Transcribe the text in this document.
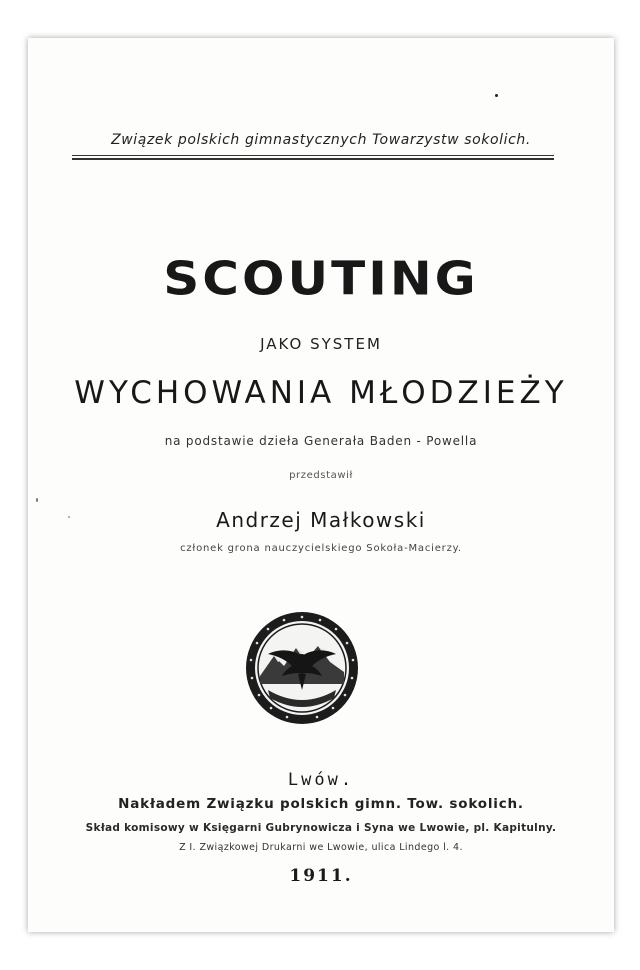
Związek polskich gimnastycznych Towarzystw sokolich.
SCOUTING
JAKO SYSTEM
WYCHOWANIA MŁODZIEŻY
na podstawie dzieła Generała Baden - Powella
przedstawił
Andrzej Małkowski
członek grona nauczycielskiego Sokoła-Macierzy.
Lwów.
Nakładem Związku polskich gimn. Tow. sokolich.
Skład komisowy w Księgarni Gubrynowicza i Syna we Lwowie, pl. Kapitulny.
Z I. Związkowej Drukarni we Lwowie, ulica Lindego l. 4.
1911.
